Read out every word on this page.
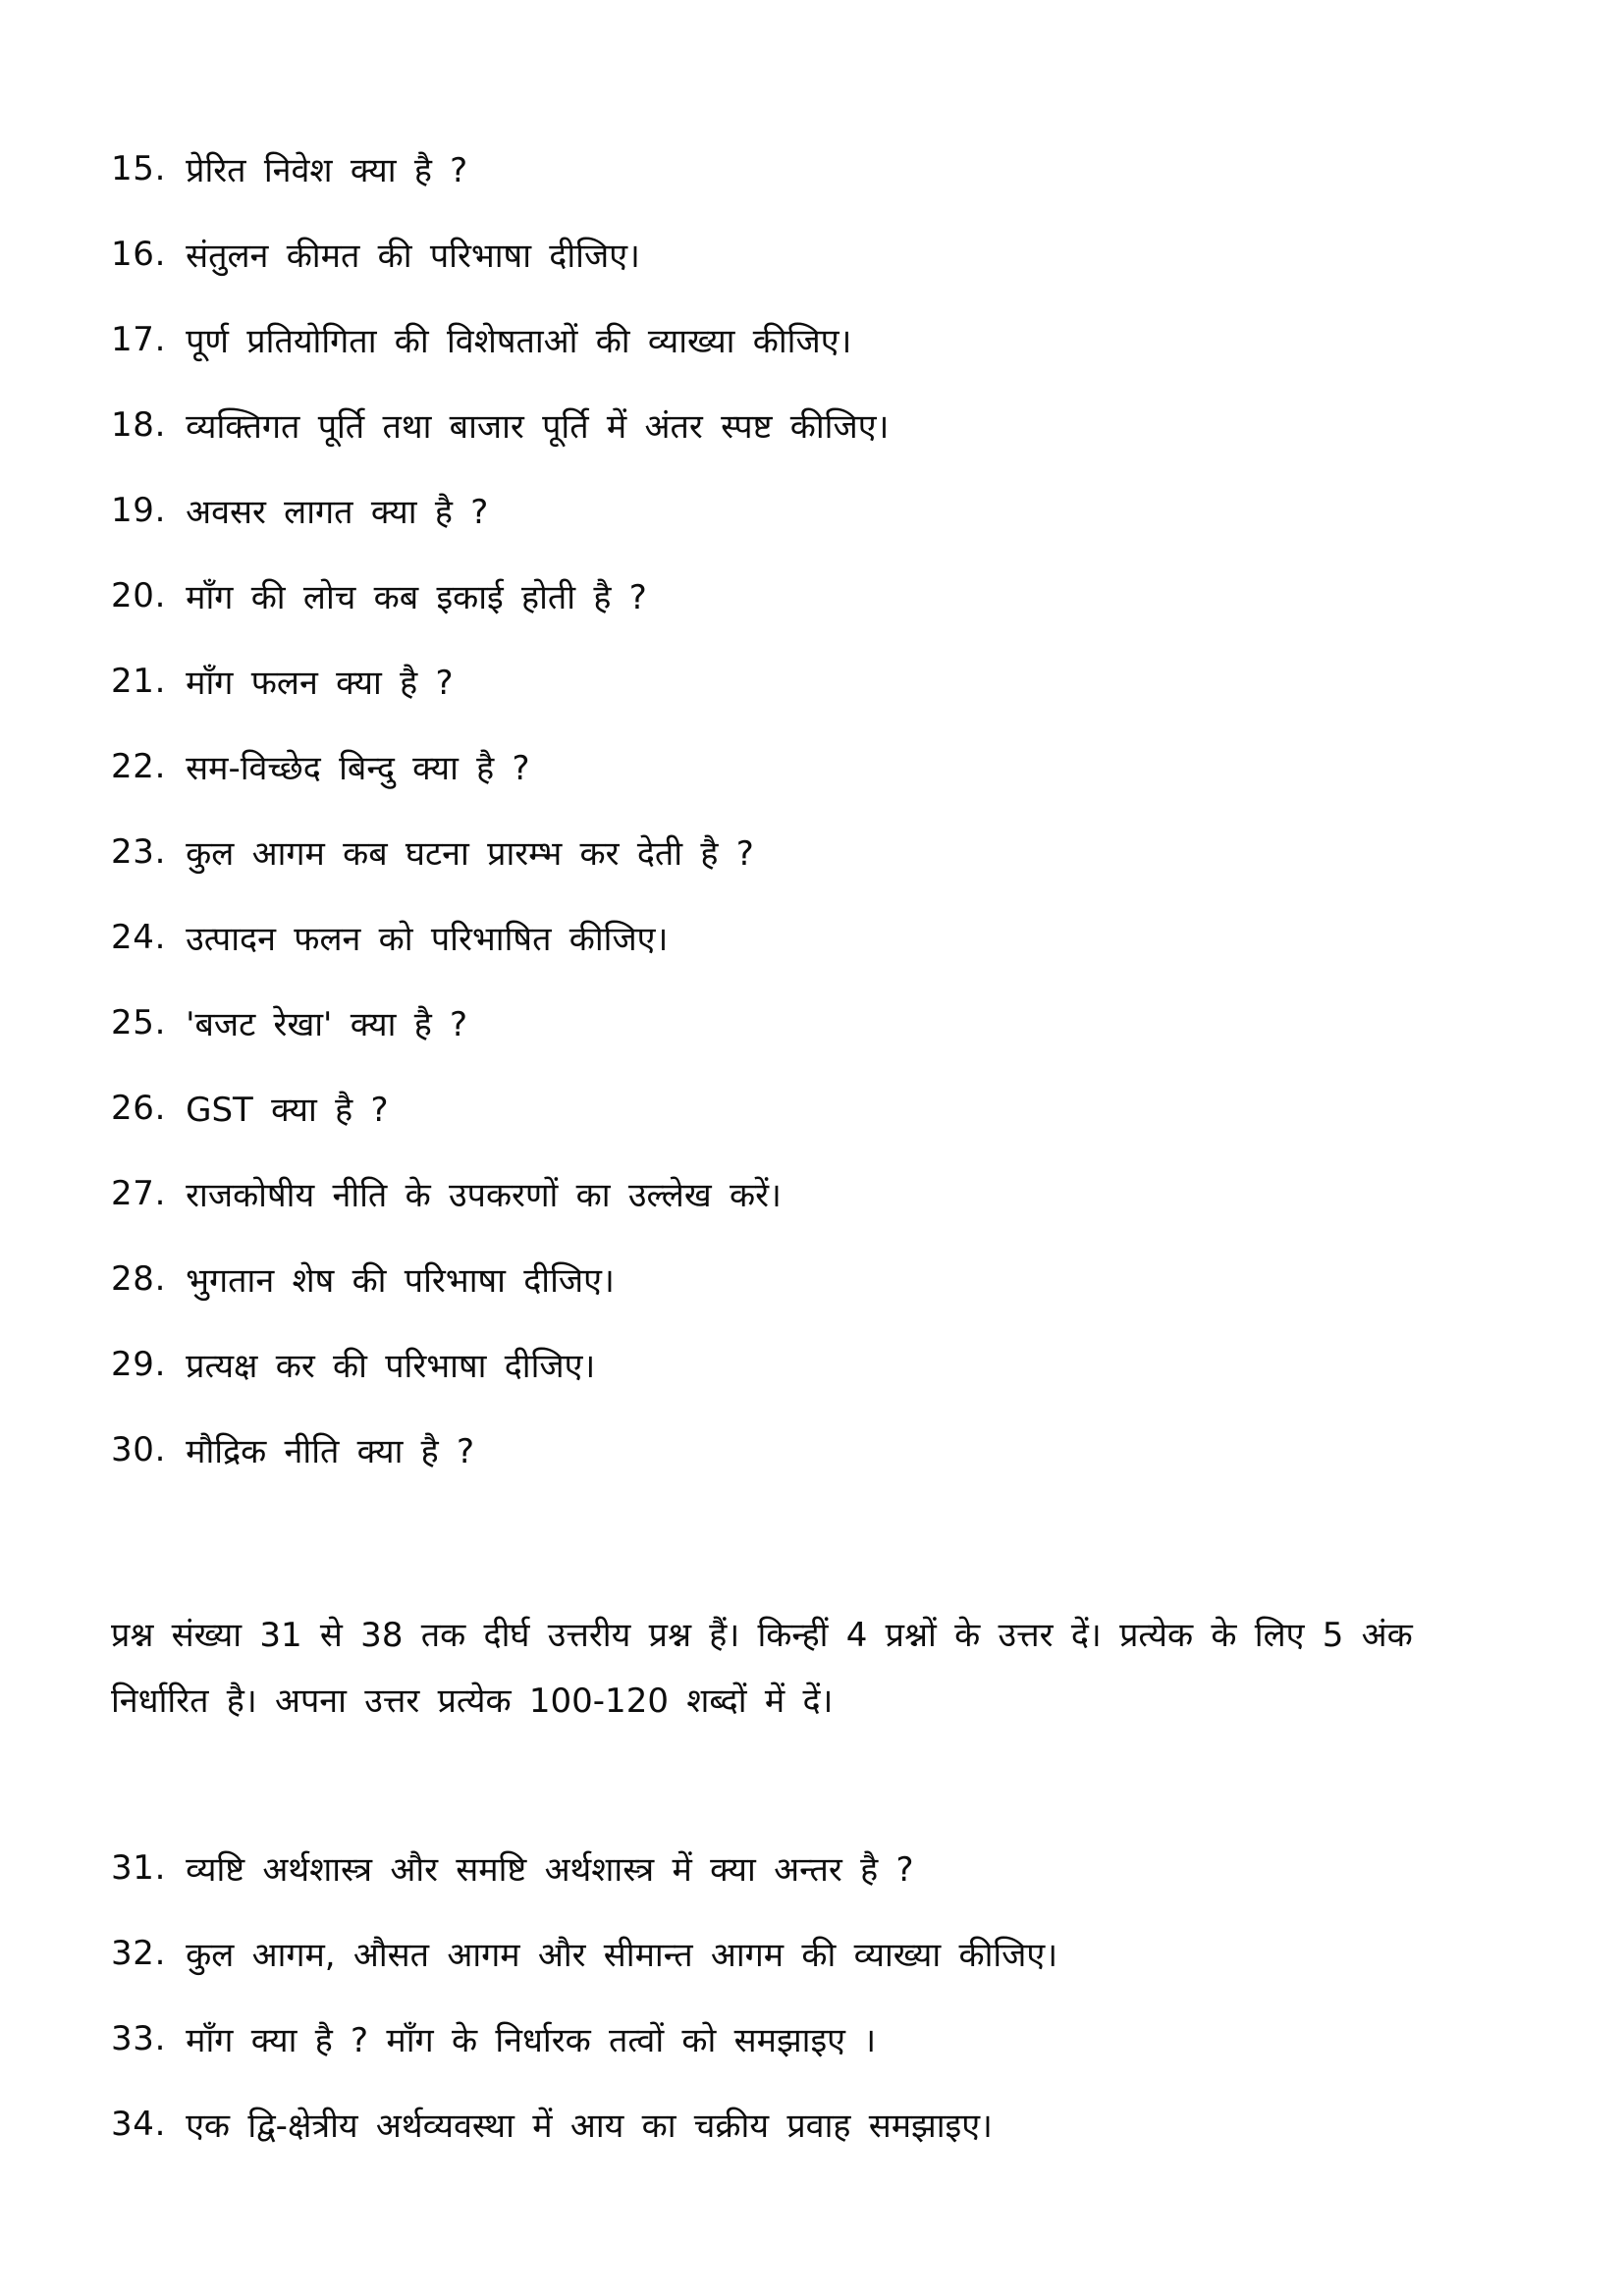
15. प्रेरित निवेश क्या है ?
16. संतुलन कीमत की परिभाषा दीजिए।
17. पूर्ण प्रतियोगिता की विशेषताओं की व्याख्या कीजिए।
18. व्यक्तिगत पूर्ति तथा बाजार पूर्ति में अंतर स्पष्ट कीजिए।
19. अवसर लागत क्या है ?
20. माँग की लोच कब इकाई होती है ?
21. माँग फलन क्या है ?
22. सम-विच्छेद बिन्दु क्या है ?
23. कुल आगम कब घटना प्रारम्भ कर देती है ?
24. उत्पादन फलन को परिभाषित कीजिए।
25. 'बजट रेखा' क्या है ?
26. GST क्या है ?
27. राजकोषीय नीति के उपकरणों का उल्लेख करें।
28. भुगतान शेष की परिभाषा दीजिए।
29. प्रत्यक्ष कर की परिभाषा दीजिए।
30. मौद्रिक नीति क्या है ?

प्रश्न संख्या 31 से 38 तक दीर्घ उत्तरीय प्रश्न हैं। किन्हीं 4 प्रश्नों के उत्तर दें। प्रत्येक के लिए 5 अंक निर्धारित है। अपना उत्तर प्रत्येक 100-120 शब्दों में दें।

31. व्यष्टि अर्थशास्त्र और समष्टि अर्थशास्त्र में क्या अन्तर है ?
32. कुल आगम, औसत आगम और सीमान्त आगम की व्याख्या कीजिए।
33. माँग क्या है ? माँग के निर्धारक तत्वों को समझाइए ।
34. एक द्वि-क्षेत्रीय अर्थव्यवस्था में आय का चक्रीय प्रवाह समझाइए।
